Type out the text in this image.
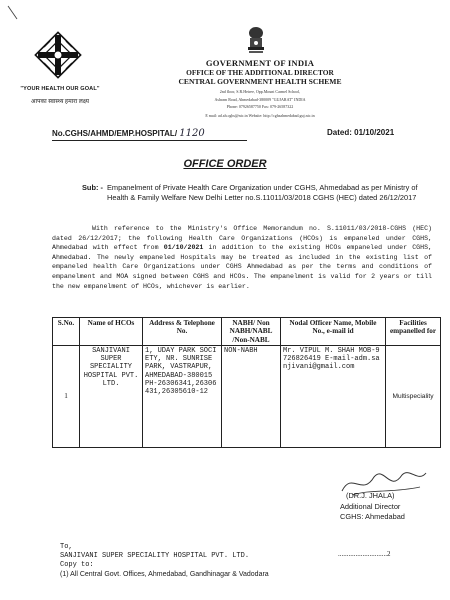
"YOUR HEALTH OUR GOAL"
आपका स्वास्थ्य हमारा लक्ष्य
GOVERNMENT OF INDIA
OFFICE OF THE ADDITIONAL DIRECTOR
CENTRAL GOVERNMENT HEALTH SCHEME
2nd floor, S.R.Heiree, Opp.Mount Carmel School,
Ashram Road, Ahmedabad-380009 "GUJARAT" INDIA
Phone: 07926587750 Fax: 079-26587322
E mail: ad.ah.cghs@nic.in Website: http://cghsahmedabad.guj.nic.in
No.CGHS/AHMD/EMP.HOSPITAL/ 1120	Dated: 01/10/2021
OFFICE ORDER
Sub: - Empanelment of Private Health Care Organization under CGHS, Ahmedabad as per Ministry of Health & Family Welfare New Delhi Letter no.S.11011/03/2018 CGHS (HEC) dated 26/12/2017
With reference to the Ministry's Office Memorandum no. S.11011/03/2018-CGHS (HEC) dated 26/12/2017; the following Health Care Organizations (HCOs) is empaneled under CGHS, Ahmedabad with effect from 01/10/2021 in addition to the existing HCOs empaneled under CGHS, Ahmedabad. The newly empaneled Hospitals may be treated as included in the existing list of empaneled health Care Organizations under CGHS Ahmedabad as per the terms and conditions of empanelment and MOA signed between CGHS and HCOs. The empanelment is valid for 2 years or till the new empanelment of HCOs, whichever is earlier.
S.No.	Name of HCOs	Address & Telephone No.	NABH/ Non NABH/NABL /Non-NABL	Nodal Officer Name, Mobile No., e-mail id	Facilities empanelled for
1	SANJIVANI SUPER SPECIALITY HOSPITAL PVT. LTD.	1, UDAY PARK SOCIETY, NR. SUNRISE PARK, VASTRAPUR, AHMEDABAD-380015 PH-26306341,26306431,26305610-12	NON-NABH	Mr. VIPUL M. SHAH MOB-9726826419 E-mail-adm.sanjivani@gmail.com	Multispeciality
(DR.J. JHALA)
Additional Director
CGHS: Ahmedabad
To,
SANJIVANI SUPER SPECIALITY HOSPITAL PVT. LTD.	............................2
Copy to:
(1) All Central Govt. Offices, Ahmedabad, Gandhinagar & Vadodara
